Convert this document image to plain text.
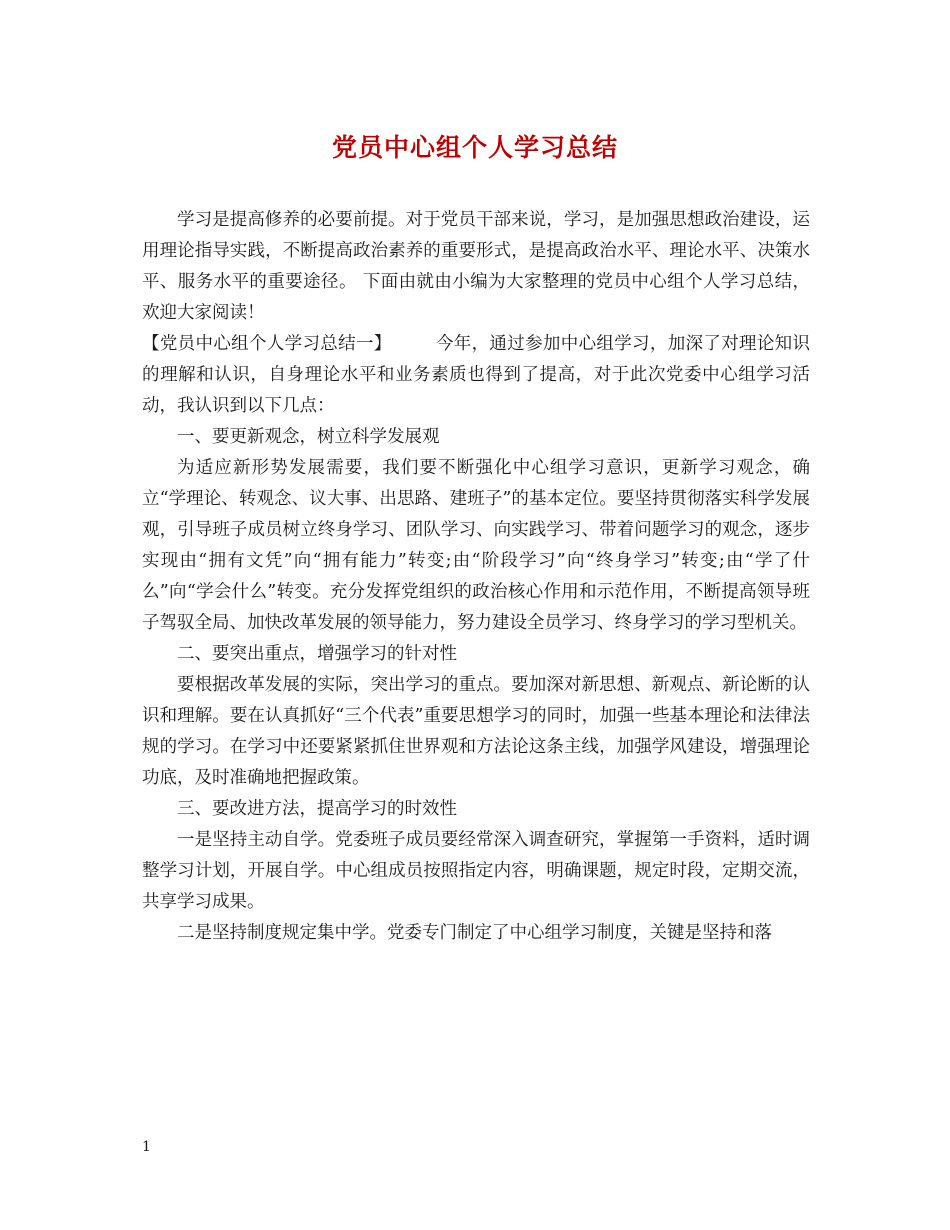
党员中心组个人学习总结

学习是提高修养的必要前提。对于党员干部来说，学习，是加强思想政治建设，运用理论指导实践，不断提高政治素养的重要形式，是提高政治水平、理论水平、决策水平、服务水平的重要途径。 下面由就由小编为大家整理的党员中心组个人学习总结，欢迎大家阅读！

【党员中心组个人学习总结一】	今年，通过参加中心组学习，加深了对理论知识的理解和认识，自身理论水平和业务素质也得到了提高，对于此次党委中心组学习活动，我认识到以下几点：

一、要更新观念，树立科学发展观

为适应新形势发展需要，我们要不断强化中心组学习意识，更新学习观念，确立“学理论、转观念、议大事、出思路、建班子”的基本定位。要坚持贯彻落实科学发展观，引导班子成员树立终身学习、团队学习、向实践学习、带着问题学习的观念，逐步实现由“拥有文凭”向“拥有能力”转变;由“阶段学习”向“终身学习”转变;由“学了什么”向“学会什么”转变。充分发挥党组织的政治核心作用和示范作用，不断提高领导班子驾驭全局、加快改革发展的领导能力，努力建设全员学习、终身学习的学习型机关。

二、要突出重点，增强学习的针对性

要根据改革发展的实际，突出学习的重点。要加深对新思想、新观点、新论断的认识和理解。要在认真抓好“三个代表”重要思想学习的同时，加强一些基本理论和法律法规的学习。在学习中还要紧紧抓住世界观和方法论这条主线，加强学风建设，增强理论功底，及时准确地把握政策。

三、要改进方法，提高学习的时效性

一是坚持主动自学。党委班子成员要经常深入调查研究，掌握第一手资料，适时调整学习计划，开展自学。中心组成员按照指定内容，明确课题，规定时段，定期交流，共享学习成果。

二是坚持制度规定集中学。党委专门制定了中心组学习制度，关键是坚持和落

1
